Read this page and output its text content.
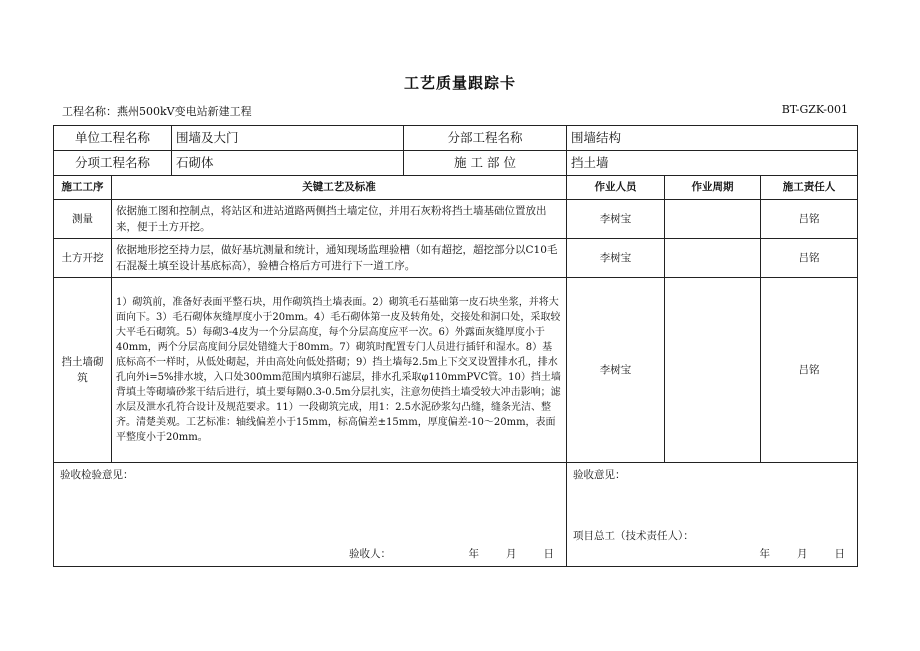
工艺质量跟踪卡
工程名称：燕州500kV变电站新建工程	BT-GZK-001
单位工程名称		围墙及大门	分部工程名称	围墙结构		
分项工程名称		石砌体	施 工 部 位	挡土墙		
施工工序	关键工艺及标准			作业人员	作业周期	施工责任人
测量	依据施工图和控制点，将站区和进站道路两侧挡土墙定位，并用石灰粉将挡土墙基础位置放出来，便于土方开挖。			李树宝		吕铭
土方开挖	依据地形挖至持力层，做好基坑测量和统计，通知现场监理验槽（如有超挖，超挖部分以C10毛石混凝土填至设计基底标高），验槽合格后方可进行下一道工序。			李树宝		吕铭
挡土墙砌筑	1）砌筑前，准备好表面平整石块，用作砌筑挡土墙表面。2）砌筑毛石基础第一皮石块坐浆，并将大面向下。3）毛石砌体灰缝厚度小于20mm。4）毛石砌体第一皮及转角处，交接处和洞口处，采取较大平毛石砌筑。5）每砌3-4皮为一个分层高度，每个分层高度应平一次。6）外露面灰缝厚度小于40mm，两个分层高度间分层处错缝大于80mm。7）砌筑时配置专门人员进行插钎和湿水。8）基底标高不一样时，从低处砌起，并由高处向低处搭砌；9）挡土墙每2.5m上下交叉设置排水孔，排水孔向外i=5%排水坡，入口处300mm范围内填卵石滤层，排水孔采取φ110mmPVC管。10）挡土墙背填土等砌墙砂浆干结后进行，填土要每隔0.3-0.5m分层扎实，注意勿使挡土墙受较大冲击影响；滤水层及泄水孔符合设计及规范要求。11）一段砌筑完成，用1：2.5水泥砂浆勾凸缝，缝条光洁、整齐。清楚美观。工艺标准：轴线偏差小于15mm，标高偏差±15mm，厚度偏差-10～20mm，表面平整度小于20mm。			李树宝		吕铭

验收检验意见：
验收人： 年　　月　　日				验收意见：
项目总工（技术责任人）：
年　　月　　日		
